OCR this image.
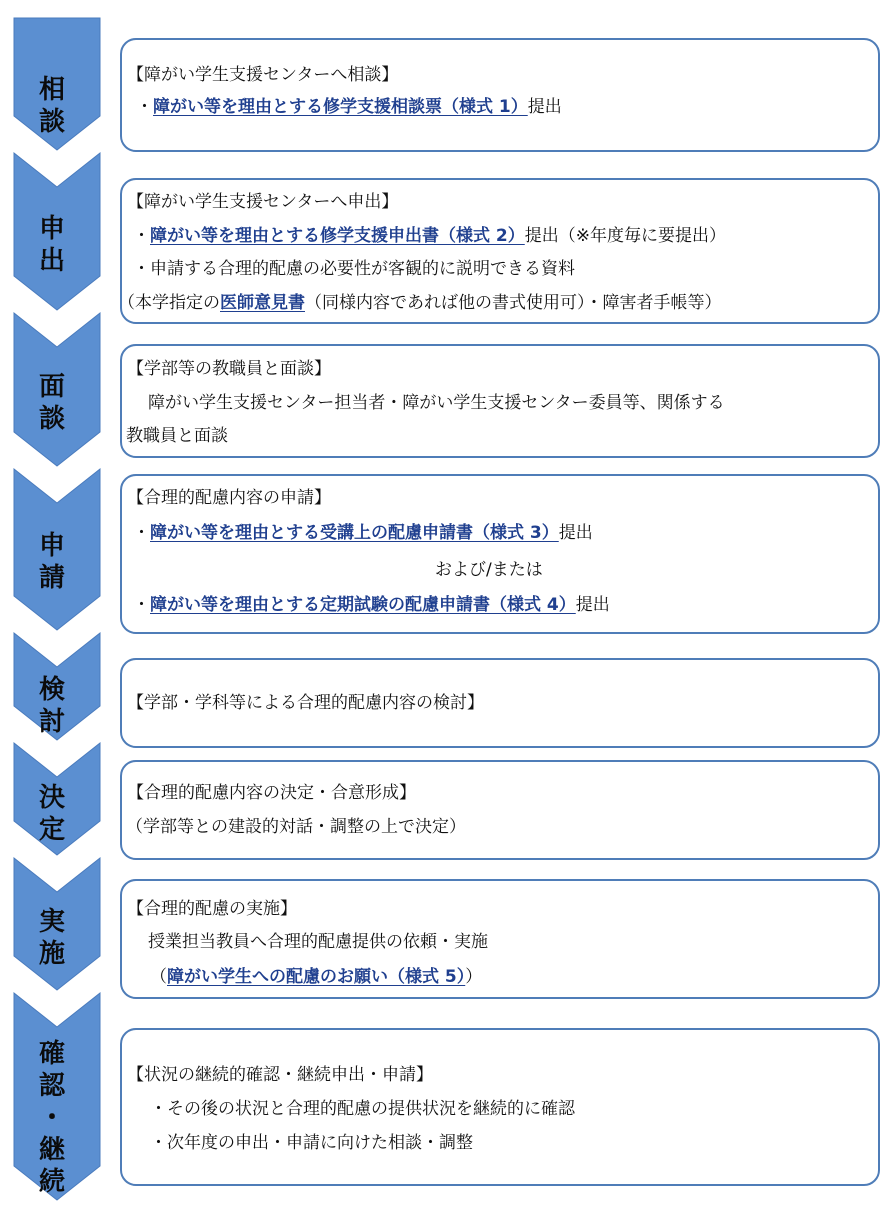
相
談
申
出
面
談
申
請
検
討
決
定
実
施
確
認
・
継
続
【障がい学生支援センターへ相談】
・障がい等を理由とする修学支援相談票（様式 1）提出
【障がい学生支援センターへ申出】
・障がい等を理由とする修学支援申出書（様式 2）提出（※年度毎に要提出）
・申請する合理的配慮の必要性が客観的に説明できる資料
（本学指定の医師意見書（同様内容であれば他の書式使用可）・障害者手帳等）
【学部等の教職員と面談】
障がい学生支援センター担当者・障がい学生支援センター委員等、関係する
教職員と面談
【合理的配慮内容の申請】
・障がい等を理由とする受講上の配慮申請書（様式 3）提出
および/または
・障がい等を理由とする定期試験の配慮申請書（様式 4）提出
【学部・学科等による合理的配慮内容の検討】
【合理的配慮内容の決定・合意形成】
（学部等との建設的対話・調整の上で決定）
【合理的配慮の実施】
授業担当教員へ合理的配慮提供の依頼・実施
（障がい学生への配慮のお願い（様式 5））
【状況の継続的確認・継続申出・申請】
・その後の状況と合理的配慮の提供状況を継続的に確認
・次年度の申出・申請に向けた相談・調整
